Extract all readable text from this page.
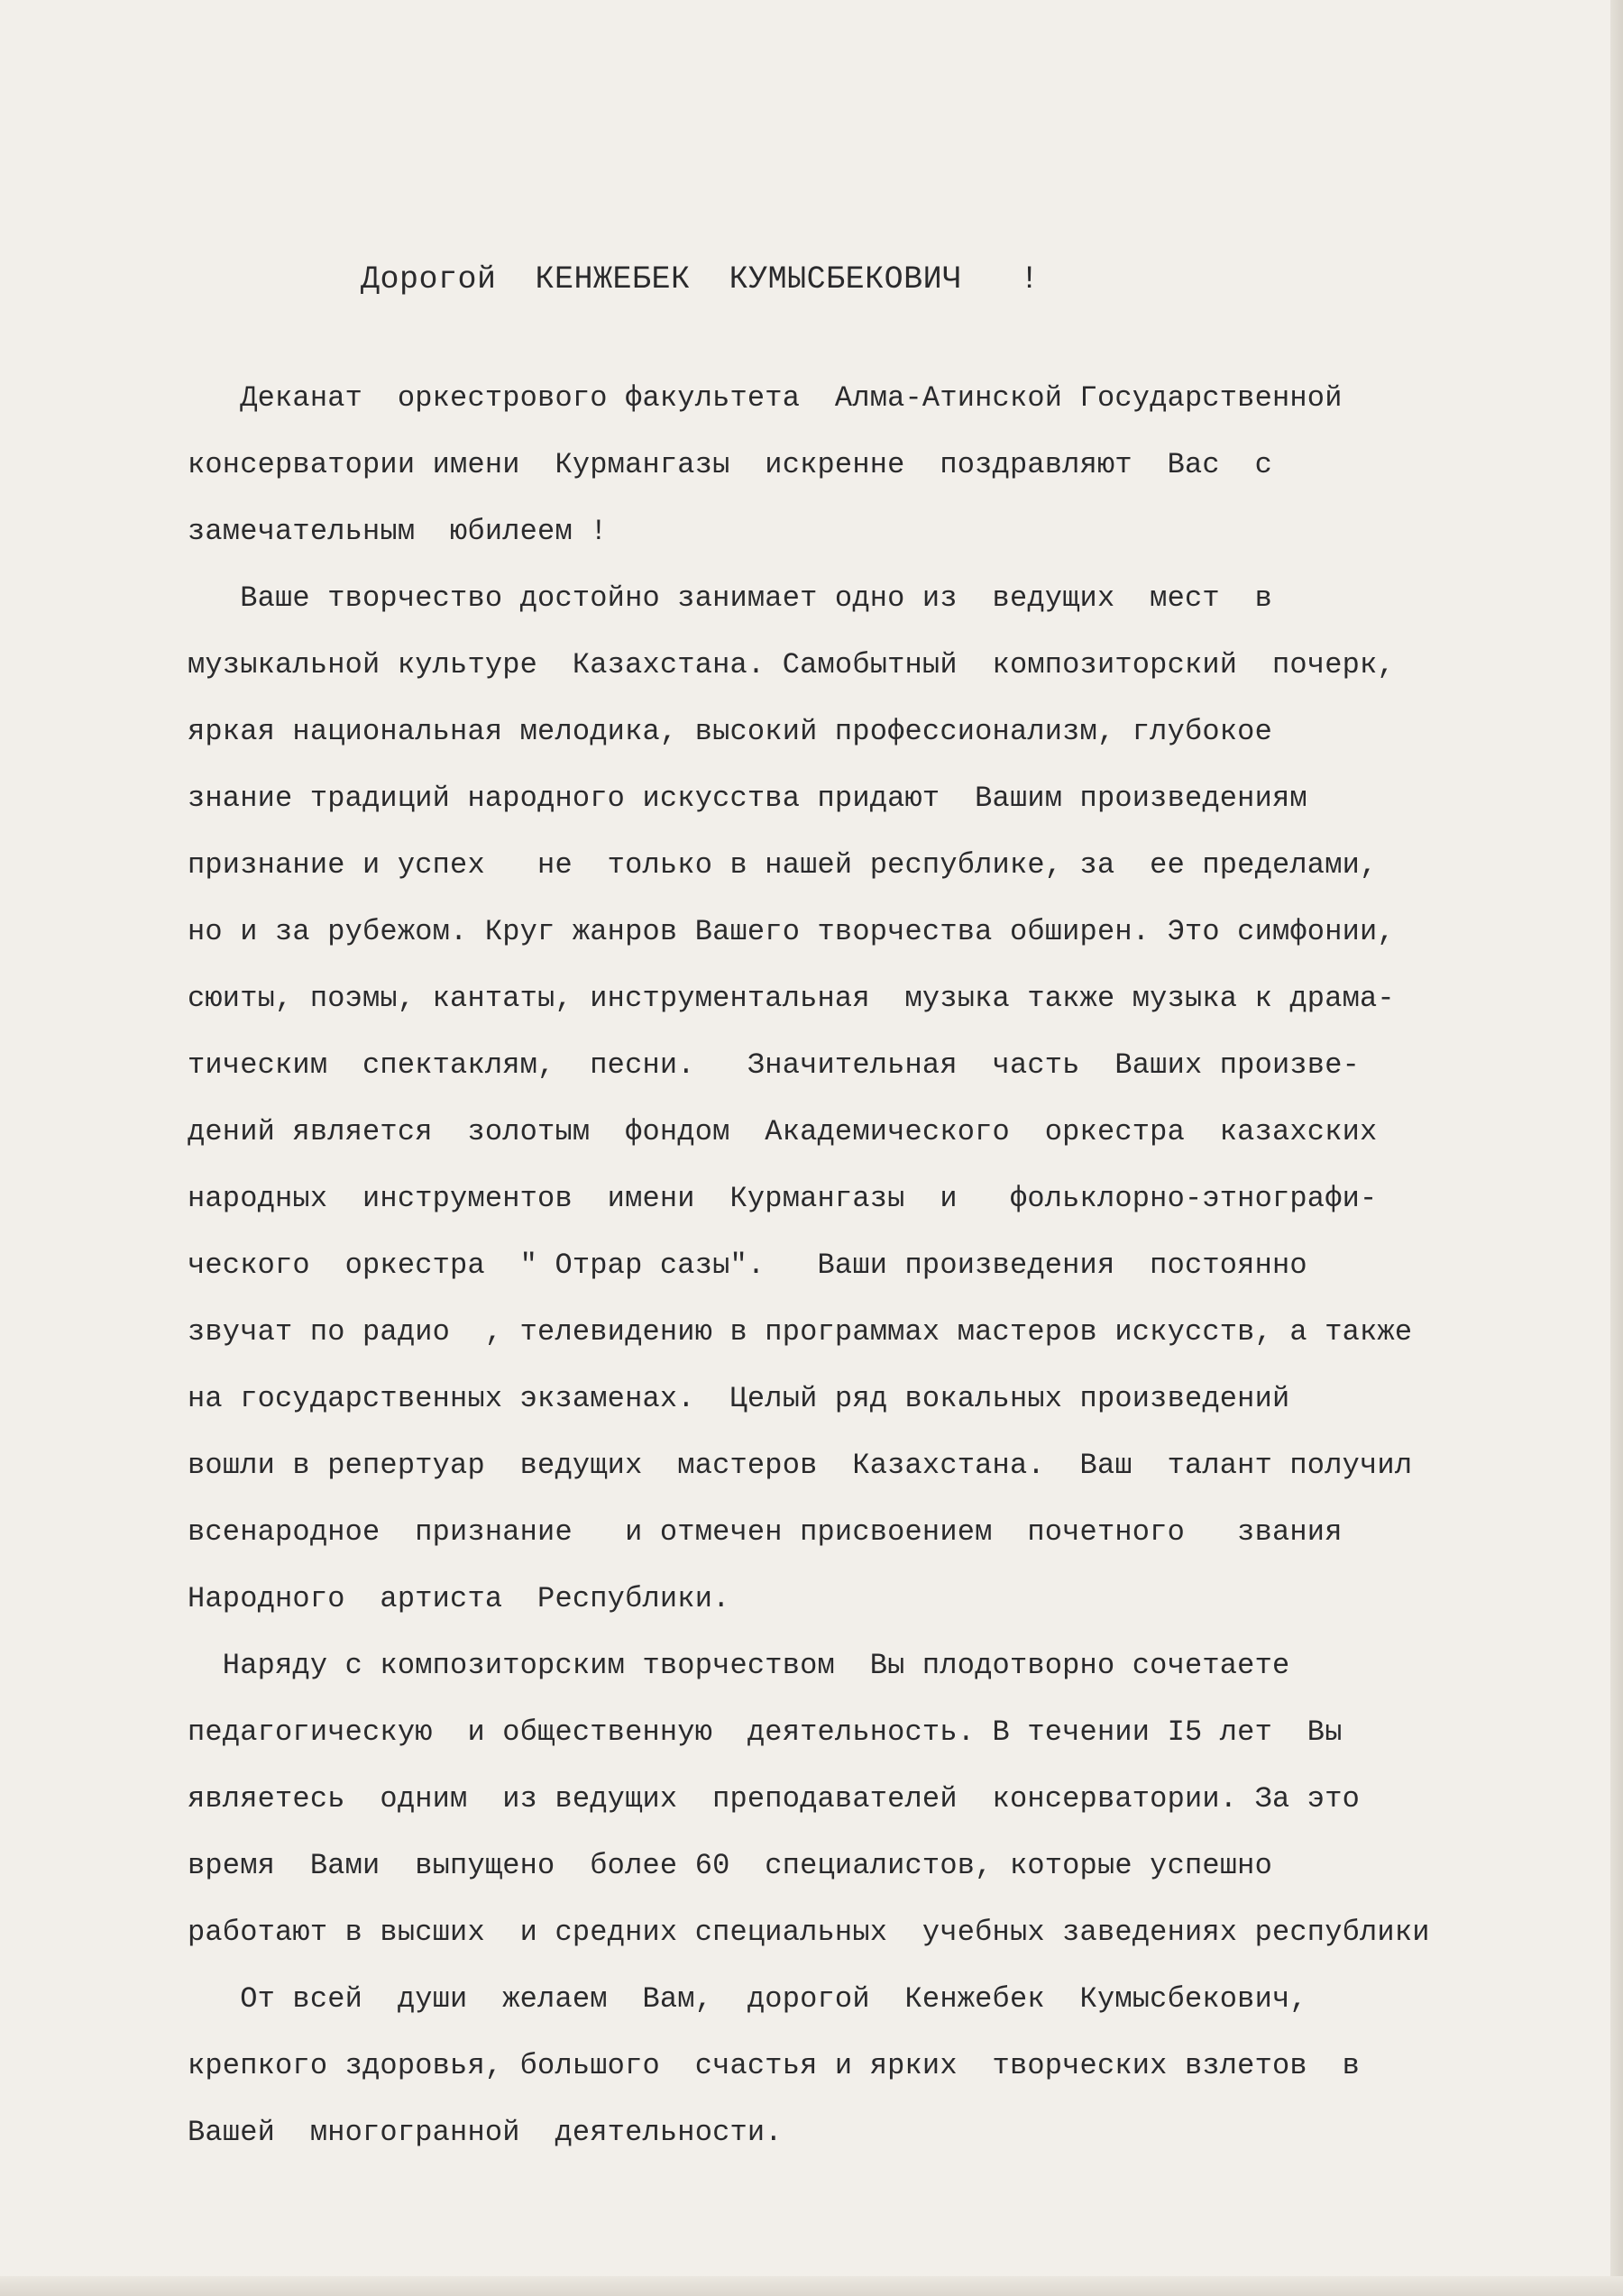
Дорогой  КЕНЖЕБЕК  КУМЫСБЕКОВИЧ   !
Деканат  оркестрового факультета  Алма-Атинской Государственной
консерватории имени  Курмангазы  искренне  поздравляют  Вас  с
замечательным  юбилеем !
Ваше творчество достойно занимает одно из  ведущих  мест  в
музыкальной культуре  Казахстана. Самобытный  композиторский  почерк,
яркая национальная мелодика, высокий профессионализм, глубокое
знание традиций народного искусства придают  Вашим произведениям
признание и успех   не  только в нашей республике, за  ее пределами,
но и за рубежом. Круг жанров Вашего творчества обширен. Это симфонии,
сюиты, поэмы, кантаты, инструментальная  музыка также музыка к драма-
тическим  спектаклям,  песни.   Значительная  часть  Ваших произве-
дений является  золотым  фондом  Академического  оркестра  казахских
народных  инструментов  имени  Курмангазы  и   фольклорно-этнографи-
ческого  оркестра  " Отрар сазы".   Ваши произведения  постоянно
звучат по радио  , телевидению в программах мастеров искусств, а также
на государственных экзаменах.  Целый ряд вокальных произведений
вошли в репертуар  ведущих  мастеров  Казахстана.  Ваш  талант получил
всенародное  признание   и отмечен присвоением  почетного   звания
Народного  артиста  Республики.
Наряду с композиторским творчеством  Вы плодотворно сочетаете
педагогическую  и общественную  деятельность. В течении I5 лет  Вы
являетесь  одним  из ведущих  преподавателей  консерватории. За это
время  Вами  выпущено  более 60  специалистов, которые успешно
работают в высших  и средних специальных  учебных заведениях республики
От всей  души  желаем  Вам,  дорогой  Кенжебек  Кумысбекович,
крепкого здоровья, большого  счастья и ярких  творческих взлетов  в
Вашей  многогранной  деятельности.
